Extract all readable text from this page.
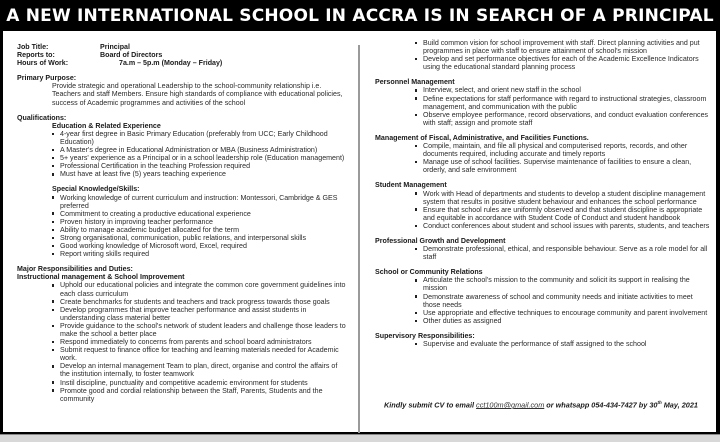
A NEW INTERNATIONAL SCHOOL IN ACCRA IS IN SEARCH OF A PRINCIPAL
Job Title:	Principal
Reports to:	Board of Directors
Hours of Work:	7a.m – 5p.m (Monday – Friday)
Primary Purpose:
Provide strategic and operational Leadership to the school-community relationship i.e. Teachers and staff Members. Ensure high standards of compliance with educational policies, success of Academic programmes and activities of the school
Qualifications:
Education & Related Experience
4-year first degree in Basic Primary Education (preferably from UCC; Early Childhood Education)
A Master's degree in Educational Administration or MBA (Business Administration)
5+ years' experience as a Principal or in a school leadership role (Education management)
Professional Certification in the teaching Profession required
Must have at least five (5) years teaching experience
Special Knowledge/Skills:
Working knowledge of current curriculum and instruction: Montessori, Cambridge & GES preferred
Commitment to creating a productive educational experience
Proven history in improving teacher performance
Ability to manage academic budget allocated for the term
Strong organisational, communication, public relations, and interpersonal skills
Good working knowledge of Microsoft word, Excel, required
Report writing skills required
Major Responsibilities and Duties:
Instructional management & School Improvement
Uphold our educational policies and integrate the common core government guidelines into each class curriculum
Create benchmarks for students and teachers and track progress towards those goals
Develop programmes that improve teacher performance and assist students in understanding class material better
Provide guidance to the school's network of student leaders and challenge those leaders to make the school a better place
Respond immediately to concerns from parents and school board administrators
Submit request to finance office for teaching and learning materials needed for Academic work.
Develop an internal management Team to plan, direct, organise and control the affairs of the institution internally, to foster teamwork
Instil discipline, punctuality and competitive academic environment for students
Promote good and cordial relationship between the Staff, Parents, Students and the community
Build common vision for school improvement with staff. Direct planning activities and put programmes in place with staff to ensure attainment of school's mission
Develop and set performance objectives for each of the Academic Excellence Indicators using the educational standard planning process
Personnel Management
Interview, select, and orient new staff in the school
Define expectations for staff performance with regard to instructional strategies, classroom management, and communication with the public
Observe employee performance, record observations, and conduct evaluation conferences with staff; assign and promote staff
Management of Fiscal, Administrative, and Facilities Functions.
Compile, maintain, and file all physical and computerised reports, records, and other documents required, including accurate and timely reports
Manage use of school facilities. Supervise maintenance of facilities to ensure a clean, orderly, and safe environment
Student Management
Work with Head of departments and students to develop a student discipline management system that results in positive student behaviour and enhances the school performance
Ensure that school rules are uniformly observed and that student discipline is appropriate and equitable in accordance with Student Code of Conduct and student handbook
Conduct conferences about student and school issues with parents, students, and teachers
Professional Growth and Development
Demonstrate professional, ethical, and responsible behaviour. Serve as a role model for all staff
School or Community Relations
Articulate the school's mission to the community and solicit its support in realising the mission
Demonstrate awareness of school and community needs and initiate activities to meet those needs
Use appropriate and effective techniques to encourage community and parent involvement
Other duties as assigned
Supervisory Responsibilities:
Supervise and evaluate the performance of staff assigned to the school
Kindly submit CV to email cct100m@gmail.com or whatsapp 054-434-7427 by 30th May, 2021
